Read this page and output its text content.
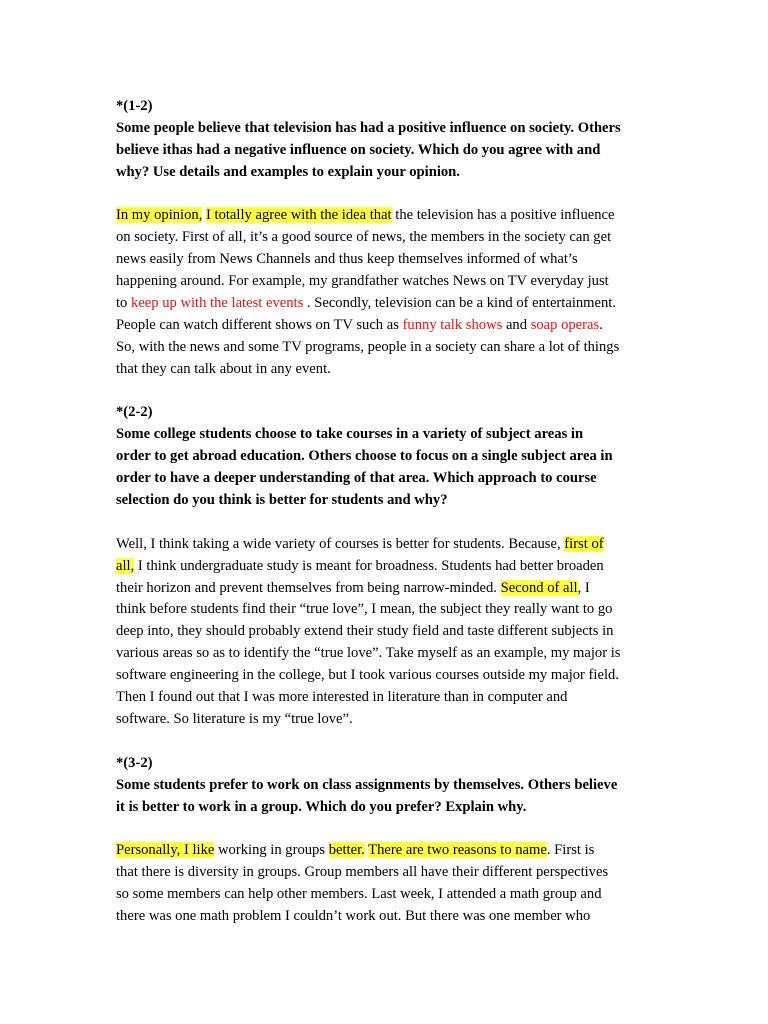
*(1-2)
Some people believe that television has had a positive influence on society. Others
believe ithas had a negative influence on society. Which do you agree with and
why? Use details and examples to explain your opinion.
In my opinion, I totally agree with the idea that the television has a positive influence
on society. First of all, it’s a good source of news, the members in the society can get
news easily from News Channels and thus keep themselves informed of what’s
happening around. For example, my grandfather watches News on TV everyday just
to keep up with the latest events . Secondly, television can be a kind of entertainment.
People can watch different shows on TV such as funny talk shows and soap operas.
So, with the news and some TV programs, people in a society can share a lot of things
that they can talk about in any event.
*(2-2)
Some college students choose to take courses in a variety of subject areas in
order to get abroad education. Others choose to focus on a single subject area in
order to have a deeper understanding of that area. Which approach to course
selection do you think is better for students and why?
Well, I think taking a wide variety of courses is better for students. Because, first of
all, I think undergraduate study is meant for broadness. Students had better broaden
their horizon and prevent themselves from being narrow-minded. Second of all, I
think before students find their “true love”, I mean, the subject they really want to go
deep into, they should probably extend their study field and taste different subjects in
various areas so as to identify the “true love”. Take myself as an example, my major is
software engineering in the college, but I took various courses outside my major field.
Then I found out that I was more interested in literature than in computer and
software. So literature is my “true love”.
*(3-2)
Some students prefer to work on class assignments by themselves. Others believe
it is better to work in a group. Which do you prefer? Explain why.
Personally, I like working in groups better. There are two reasons to name. First is
that there is diversity in groups. Group members all have their different perspectives
so some members can help other members. Last week, I attended a math group and
there was one math problem I couldn’t work out. But there was one member who
